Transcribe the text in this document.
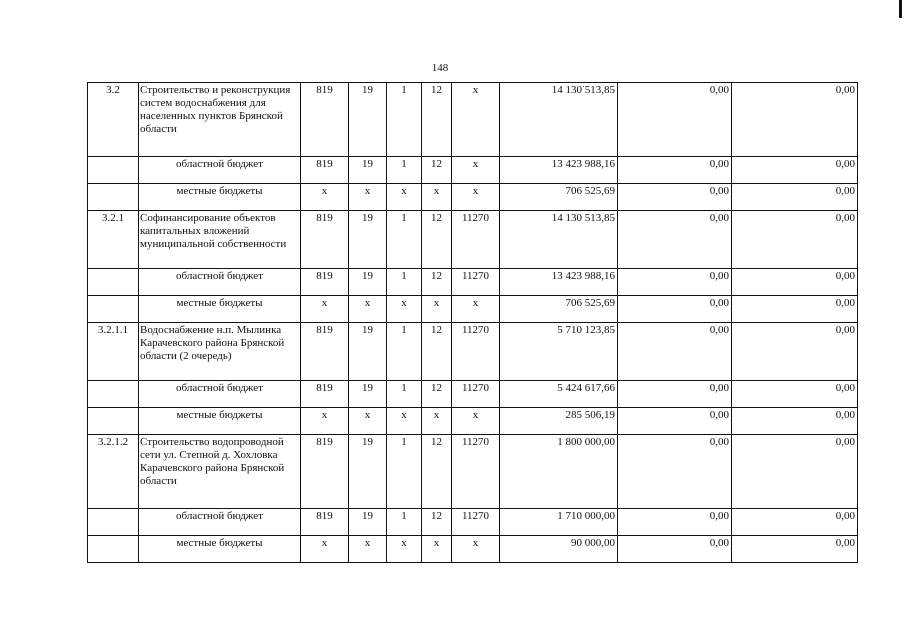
148
3.2	Строительство и реконструкция систем водоснабжения для населенных пунктов Брянской области	819	19	1	12	x	14 130 513,85	0,00	0,00
	областной бюджет	819	19	1	12	x	13 423 988,16	0,00	0,00
	местные бюджеты	x	x	x	x	x	706 525,69	0,00	0,00
3.2.1	Софинансирование объектов капитальных вложений муниципальной собственности	819	19	1	12	11270	14 130 513,85	0,00	0,00
	областной бюджет	819	19	1	12	11270	13 423 988,16	0,00	0,00
	местные бюджеты	x	x	x	x	x	706 525,69	0,00	0,00
3.2.1.1	Водоснабжение н.п. Мылинка Карачевского района Брянской области (2 очередь)	819	19	1	12	11270	5 710 123,85	0,00	0,00
	областной бюджет	819	19	1	12	11270	5 424 617,66	0,00	0,00
	местные бюджеты	x	x	x	x	x	285 506,19	0,00	0,00
3.2.1.2	Строительство водопроводной сети ул. Степной д. Хохловка Карачевского района Брянской области	819	19	1	12	11270	1 800 000,00	0,00	0,00
	областной бюджет	819	19	1	12	11270	1 710 000,00	0,00	0,00
	местные бюджеты	x	x	x	x	x	90 000,00	0,00	0,00
